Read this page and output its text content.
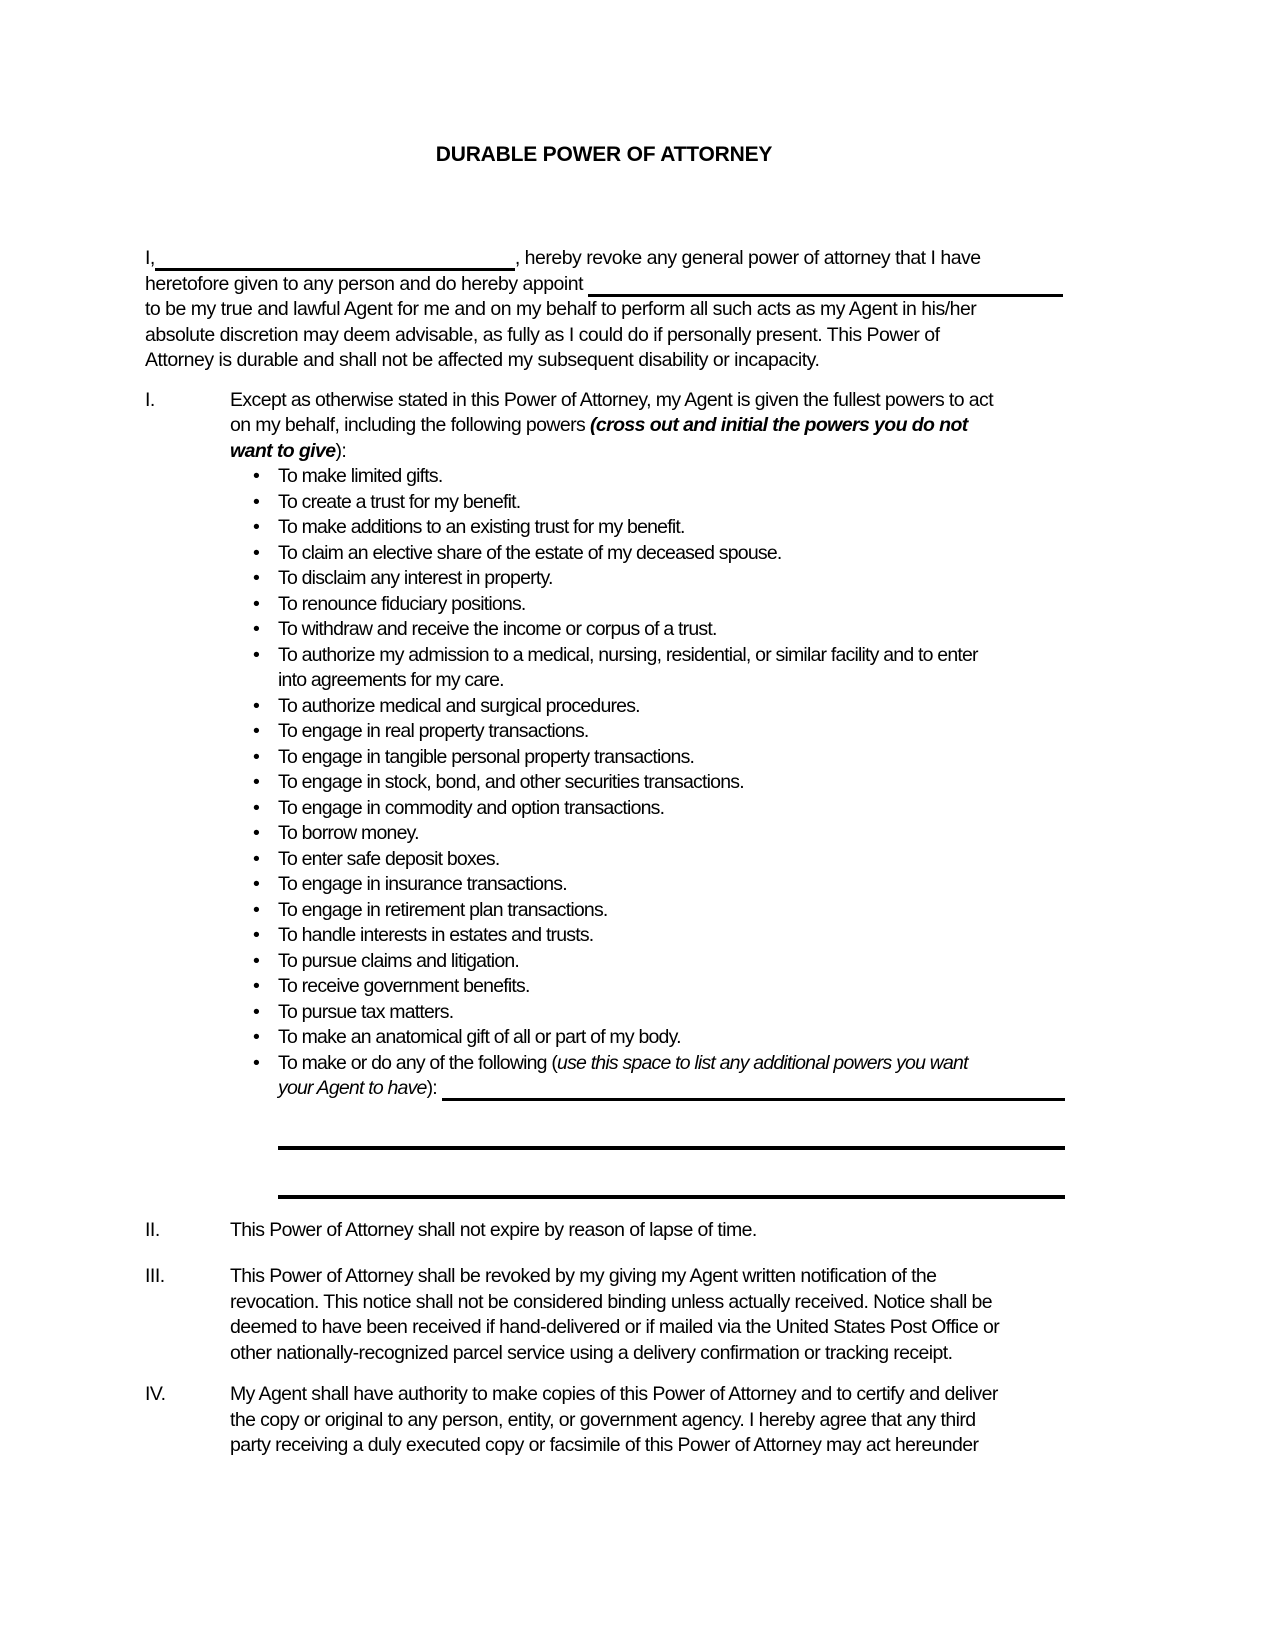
DURABLE POWER OF ATTORNEY
I,	, hereby revoke any general power of attorney that I have
heretofore given to any person and do hereby appoint
to be my true and lawful Agent for me and on my behalf to perform all such acts as my Agent in his/her
absolute discretion may deem advisable, as fully as I could do if personally present. This Power of
Attorney is durable and shall not be affected my subsequent disability or incapacity.
I.	Except as otherwise stated in this Power of Attorney, my Agent is given the fullest powers to act
on my behalf, including the following powers (cross out and initial the powers you do not
want to give ):
• To make limited gifts.
• To create a trust for my benefit.
• To make additions to an existing trust for my benefit.
• To claim an elective share of the estate of my deceased spouse.
• To disclaim any interest in property.
• To renounce fiduciary positions.
• To withdraw and receive the income or corpus of a trust.
• To authorize my admission to a medical, nursing, residential, or similar facility and to enter
into agreements for my care.
• To authorize medical and surgical procedures.
• To engage in real property transactions.
• To engage in tangible personal property transactions.
• To engage in stock, bond, and other securities transactions.
• To engage in commodity and option transactions.
• To borrow money.
• To enter safe deposit boxes.
• To engage in insurance transactions.
• To engage in retirement plan transactions.
• To handle interests in estates and trusts.
• To pursue claims and litigation.
• To receive government benefits.
• To pursue tax matters.
• To make an anatomical gift of all or part of my body.
• To make or do any of the following ( use this space to list any additional powers you want
your Agent to have ):
II.	This Power of Attorney shall not expire by reason of lapse of time.
III.	This Power of Attorney shall be revoked by my giving my Agent written notification of the
revocation. This notice shall not be considered binding unless actually received. Notice shall be
deemed to have been received if hand-delivered or if mailed via the United States Post Office or
other nationally-recognized parcel service using a delivery confirmation or tracking receipt.
IV.	My Agent shall have authority to make copies of this Power of Attorney and to certify and deliver
the copy or original to any person, entity, or government agency. I hereby agree that any third
party receiving a duly executed copy or facsimile of this Power of Attorney may act hereunder
